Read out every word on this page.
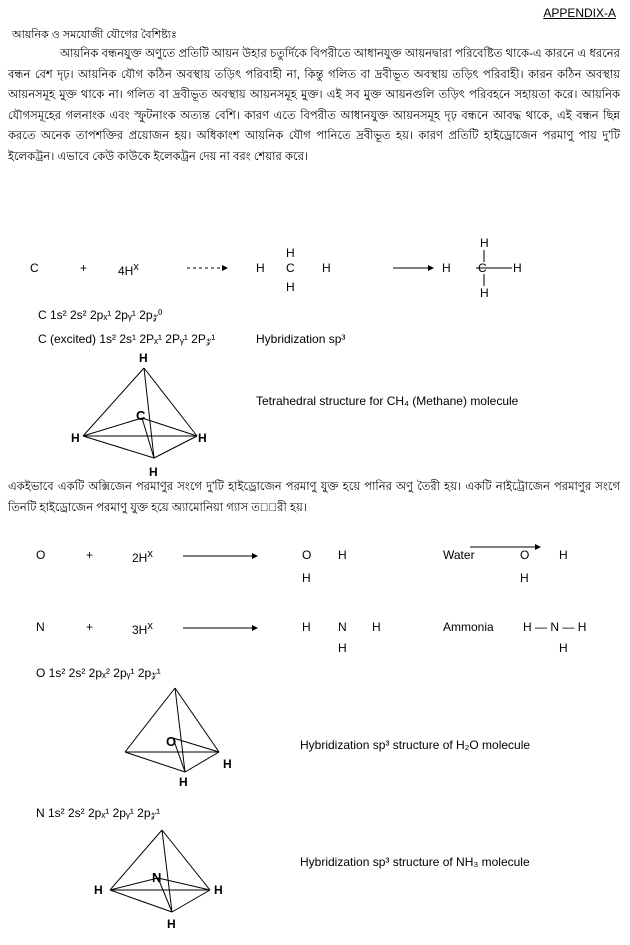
APPENDIX-A
আয়নিক ও সমযোজী যৌগের বৈশিষ্ট্যঃ

আয়নিক বন্ধনযুক্ত অণুতে প্রতিটি আয়ন উহার চতুর্দিকে বিপরীতে আধানযুক্ত আয়নদ্বারা পরিবেষ্টিত থাকে-এ কারনে এ ধরনের বন্ধন বেশ দৃঢ়। আয়নিক যৌগ কঠিন অবস্থায় তড়িৎ পরিবাহী না, কিন্তু গলিত বা দ্রবীভূত অবস্থায় তড়িৎ পরিবাহী। কারন কঠিন অবস্থায় আয়নসমূহ মুক্ত থাকে না। গলিত বা দ্রবীভূত অবস্থায় আয়নসমূহ মুক্ত। এই সব মুক্ত আয়নগুলি তড়িৎ পরিবহনে সহায়তা করে। আয়নিক যৌগসমূহের গলনাংক এবং স্ফুটনাংক অত্যন্ত বেশি। কারণ এতে বিপরীত আধানযুক্ত আয়নসমূহ দৃঢ় বন্ধনে আবদ্ধ থাকে, এই বন্ধন ছিন্ন করতে অনেক তাপশক্তির প্রয়োজন হয়। অধিকাংশ আয়নিক যৌগ পানিতে দ্রবীভূত হয়। কারণ প্রতিটি হাইড্রোজেন পরমাণু পায় দু'টি ইলেকট্রন। এভাবে কেউ কাউকে ইলেকট্রন দেয় না বরং শেয়ার করে।

C	+	$4H^x$	H
H
C
H
H	H
H
C H
H
C 1s² 2s² 2pₓ¹ 2pᵧ¹ 2p𝓏⁰
C (excited) 1s² 2s¹ 2Pₓ¹ 2Pᵧ¹ 2P𝓏¹	Hybridization sp³
H
C
H	H
H
Tetrahedral structure for CH₄ (Methane) molecule

একইভাবে একটি অক্সিজেন পরমাণুর সংগে দু'টি হাইড্রোজেন পরমাণু যুক্ত হয়ে পানির অণু তৈরী হয়। একটি নাইট্রোজেন পরমাণুর সংগে তিনটি হাইড্রোজেন পরমাণু যুক্ত হয়ে অ্যামোনিয়া গ্যাস ত�ৈরী হয়।

O	+	$2H^x$	O H
H
Water	O H
H
N	+	$3H^x$	H N H
H
Ammonia H — N — H
H
O 1s² 2s² 2pₓ² 2pᵧ¹ 2p𝓏¹
O
H
H
Hybridization sp³ structure of H₂O molecule
N 1s² 2s² 2pₓ¹ 2pᵧ¹ 2p𝓏¹
N
H	H
H
Hybridization sp³ structure of NH₃ molecule
